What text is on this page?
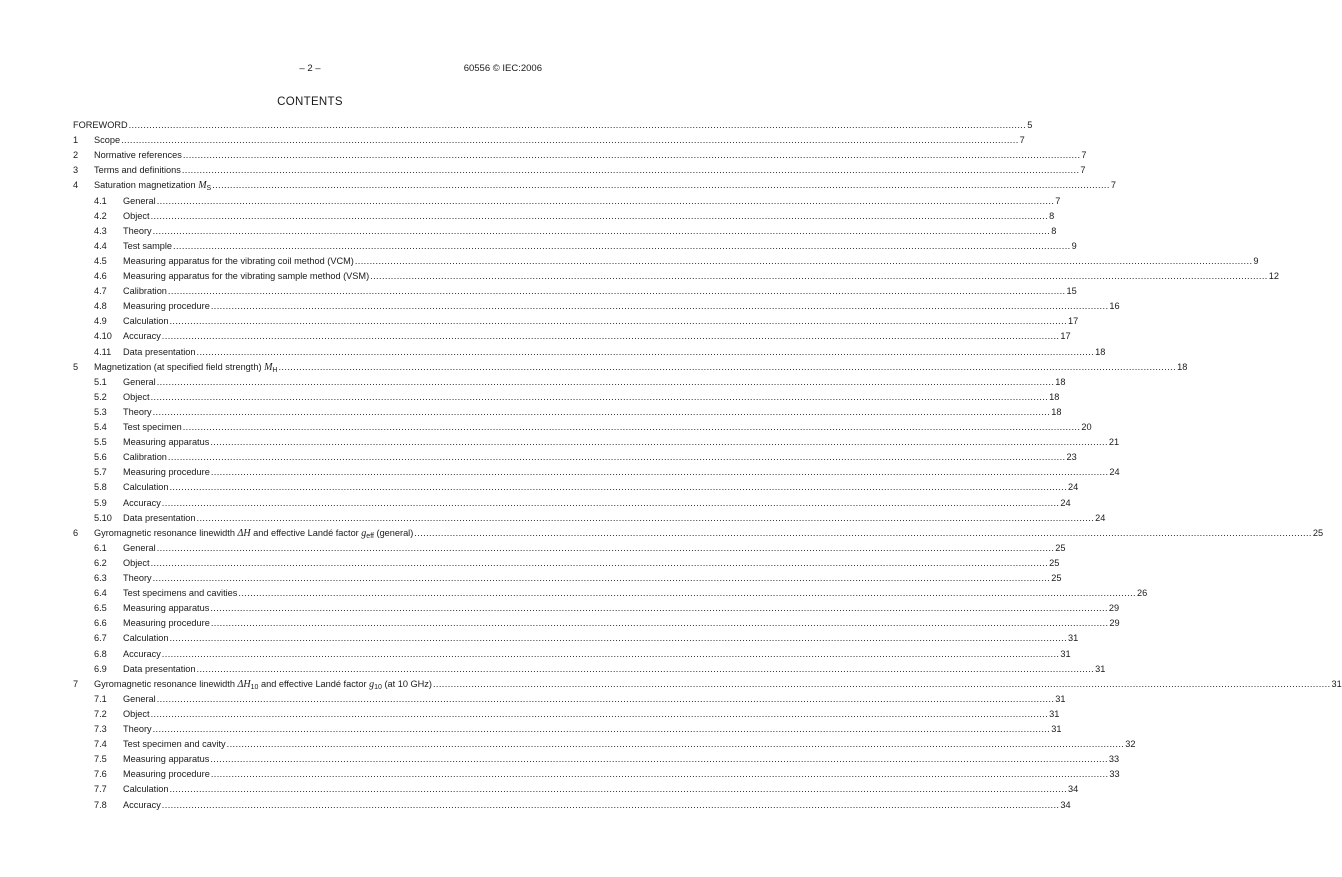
– 2 –	60556 © IEC:2006
CONTENTS
FOREWORD .....	5
1	Scope .....	7
2	Normative references .....	7
3	Terms and definitions .....	7
4	Saturation magnetization $M_S$ .....	7
4.1	General .....	7
4.2	Object .....	8
4.3	Theory .....	8
4.4	Test sample .....	9
4.5	Measuring apparatus for the vibrating coil method (VCM) .....	9
4.6	Measuring apparatus for the vibrating sample method (VSM) .....	12
4.7	Calibration .....	15
4.8	Measuring procedure .....	16
4.9	Calculation .....	17
4.10	Accuracy .....	17
4.11	Data presentation .....	18
5	Magnetization (at specified field strength) $M_H$ .....	18
5.1	General .....	18
5.2	Object .....	18
5.3	Theory .....	18
5.4	Test specimen .....	20
5.5	Measuring apparatus .....	21
5.6	Calibration .....	23
5.7	Measuring procedure .....	24
5.8	Calculation .....	24
5.9	Accuracy .....	24
5.10	Data presentation .....	24
6	Gyromagnetic resonance linewidth ΔH and effective Landé factor $g_{eff}$ (general) .....	25
6.1	General .....	25
6.2	Object .....	25
6.3	Theory .....	25
6.4	Test specimens and cavities .....	26
6.5	Measuring apparatus .....	29
6.6	Measuring procedure .....	29
6.7	Calculation .....	31
6.8	Accuracy .....	31
6.9	Data presentation .....	31
7	Gyromagnetic resonance linewidth $\Delta H_{10}$ and effective Landé factor $g_{10}$ (at 10 GHz) .....	31
7.1	General .....	31
7.2	Object .....	31
7.3	Theory .....	31
7.4	Test specimen and cavity .....	32
7.5	Measuring apparatus .....	33
7.6	Measuring procedure .....	33
7.7	Calculation .....	34
7.8	Accuracy .....	34
